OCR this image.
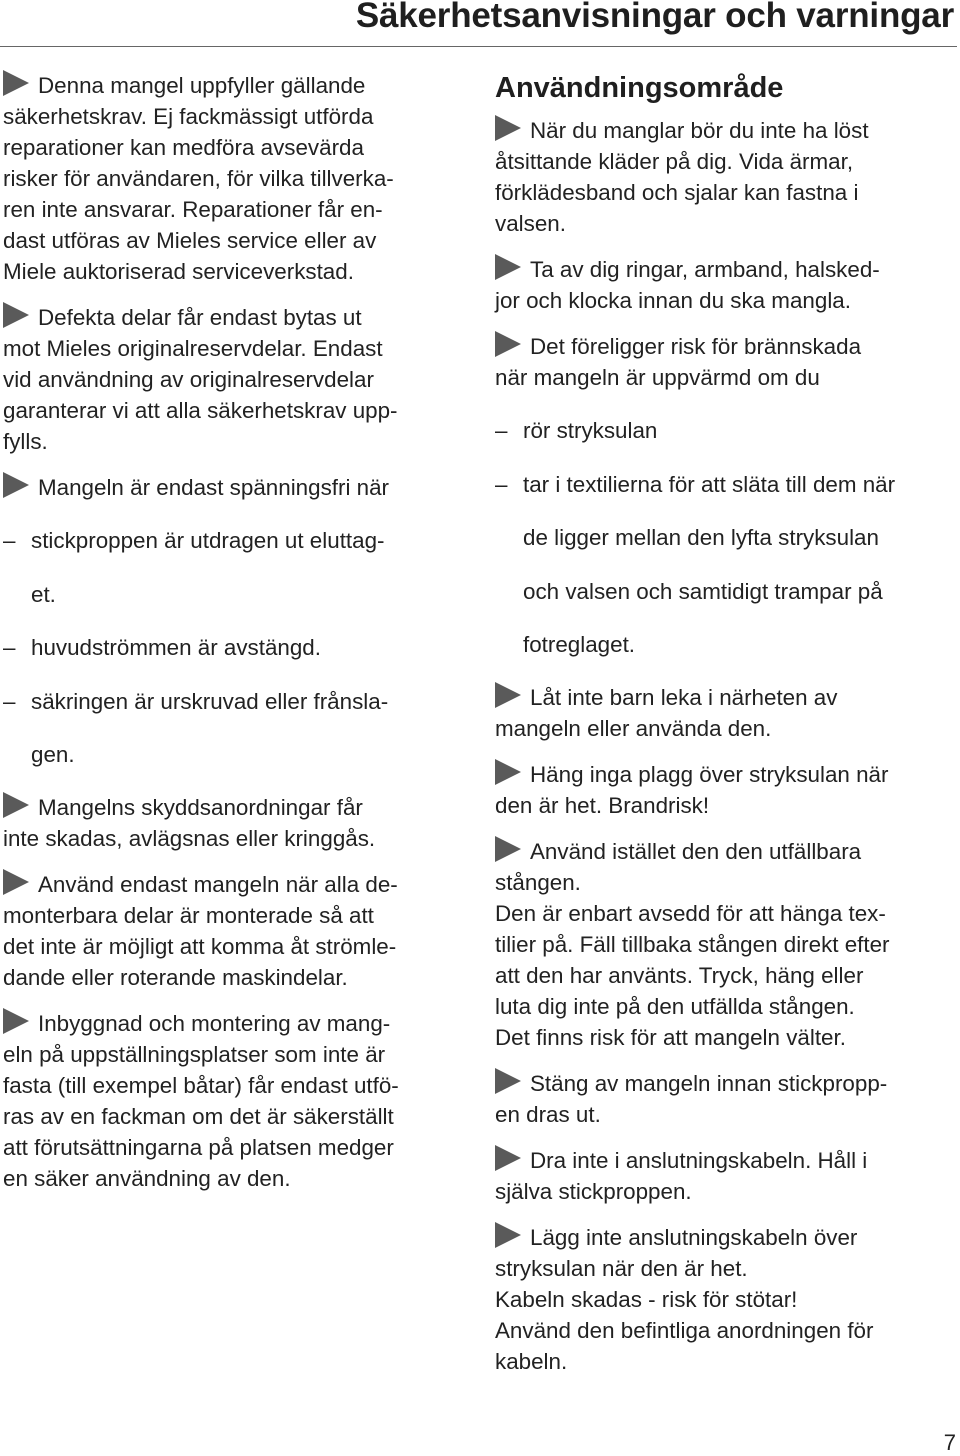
Säkerhetsanvisningar och varningar

Denna mangel uppfyller gällande

säkerhetskrav. Ej fackmässigt utförda

reparationer kan medföra avsevärda

risker för användaren, för vilka tillverka-

ren inte ansvarar. Reparationer får en-

dast utföras av Mieles service eller av

Miele auktoriserad serviceverkstad.

Defekta delar får endast bytas ut

mot Mieles originalreservdelar. Endast

vid användning av originalreservdelar

garanterar vi att alla säkerhetskrav upp-

fylls.

Mangeln är endast spänningsfri när

– stickproppen är utdragen ut eluttag-

et.

– huvudströmmen är avstängd.

– säkringen är urskruvad eller frånsla-

gen.

Mangelns skyddsanordningar får

inte skadas, avlägsnas eller kringgås.

Använd endast mangeln när alla de-

monterbara delar är monterade så att

det inte är möjligt att komma åt strömle-

dande eller roterande maskindelar.

Inbyggnad och montering av mang-

eln på uppställningsplatser som inte är

fasta (till exempel båtar) får endast utfö-

ras av en fackman om det är säkerställt

att förutsättningarna på platsen medger

en säker användning av den.

Användningsområde

När du manglar bör du inte ha löst

åtsittande kläder på dig. Vida ärmar,

förklädesband och sjalar kan fastna i

valsen.

Ta av dig ringar, armband, halsked-

jor och klocka innan du ska mangla.

Det föreligger risk för brännskada

när mangeln är uppvärmd om du

– rör stryksulan

– tar i textilierna för att släta till dem när

de ligger mellan den lyfta stryksulan

och valsen och samtidigt trampar på

fotreglaget.

Låt inte barn leka i närheten av

mangeln eller använda den.

Häng inga plagg över stryksulan när

den är het. Brandrisk!

Använd istället den den utfällbara

stången.

Den är enbart avsedd för att hänga tex-

tilier på. Fäll tillbaka stången direkt efter

att den har använts. Tryck, häng eller

luta dig inte på den utfällda stången.

Det finns risk för att mangeln välter.

Stäng av mangeln innan stickpropp-

en dras ut.

Dra inte i anslutningskabeln. Håll i

själva stickproppen.

Lägg inte anslutningskabeln över

stryksulan när den är het.

Kabeln skadas - risk för stötar!

Använd den befintliga anordningen för

kabeln.

7
